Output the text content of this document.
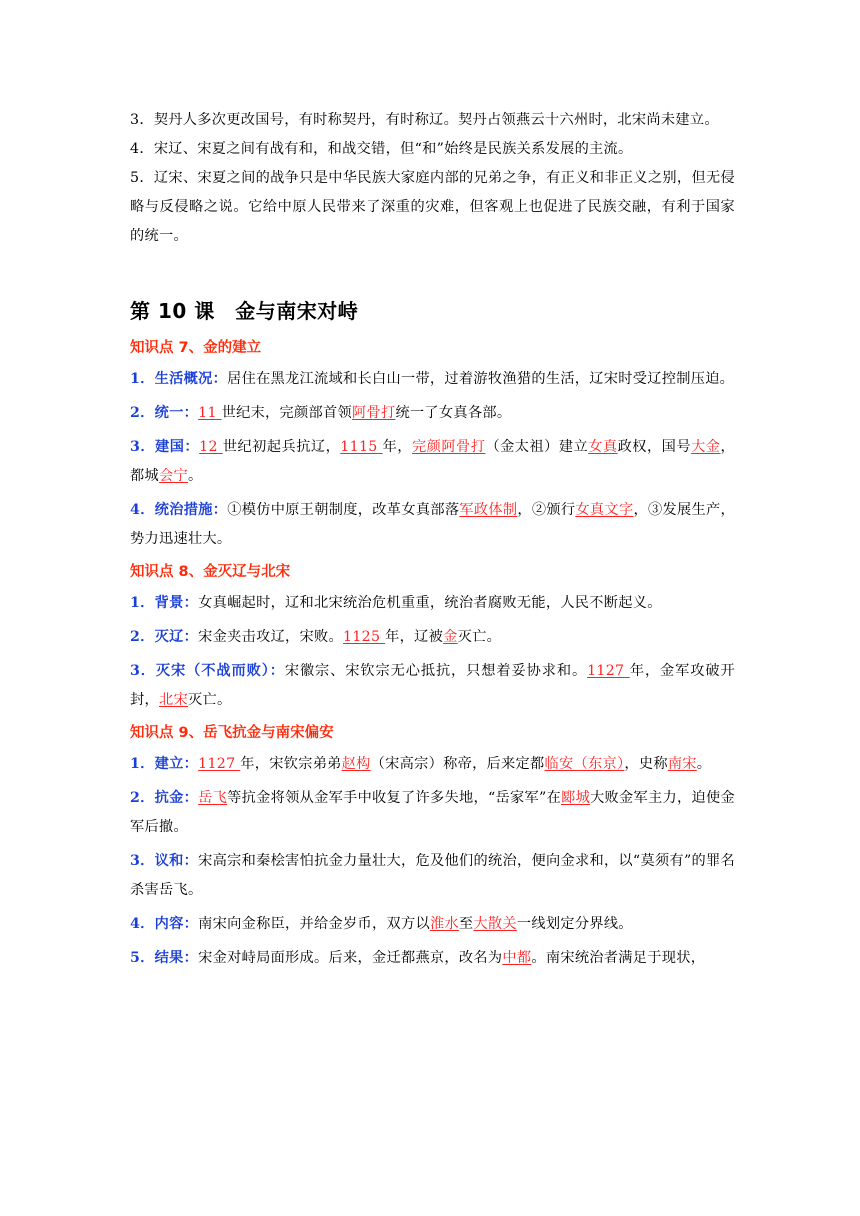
3．契丹人多次更改国号，有时称契丹，有时称辽。契丹占领燕云十六州时，北宋尚未建立。

4．宋辽、宋夏之间有战有和，和战交错，但“和”始终是民族关系发展的主流。

5．辽宋、宋夏之间的战争只是中华民族大家庭内部的兄弟之争，有正义和非正义之别，但无侵略与反侵略之说。它给中原人民带来了深重的灾难，但客观上也促进了民族交融，有利于国家的统一。

第 10 课　金与南宋对峙
知识点 7、金的建立

1．生活概况：居住在黑龙江流域和长白山一带，过着游牧渔猎的生活，辽宋时受辽控制压迫。

2．统一：11 世纪末，完颜部首领阿骨打统一了女真各部。

3．建国：12 世纪初起兵抗辽，1115 年，完颜阿骨打（金太祖）建立女真政权，国号大金，都城会宁。

4．统治措施：①模仿中原王朝制度，改革女真部落军政体制，②颁行女真文字，③发展生产，势力迅速壮大。

知识点 8、金灭辽与北宋

1．背景：女真崛起时，辽和北宋统治危机重重，统治者腐败无能，人民不断起义。

2．灭辽：宋金夹击攻辽，宋败。1125 年，辽被金灭亡。

3．灭宋（不战而败）：宋徽宗、宋钦宗无心抵抗，只想着妥协求和。1127 年，金军攻破开封，北宋灭亡。

知识点 9、岳飞抗金与南宋偏安

1．建立：1127 年，宋钦宗弟弟赵构（宋高宗）称帝，后来定都临安（东京），史称南宋。

2．抗金：岳飞等抗金将领从金军手中收复了许多失地，“岳家军”在郾城大败金军主力，迫使金军后撤。

3．议和：宋高宗和秦桧害怕抗金力量壮大，危及他们的统治，便向金求和，以“莫须有”的罪名杀害岳飞。

4．内容：南宋向金称臣，并给金岁币，双方以淮水至大散关一线划定分界线。

5．结果：宋金对峙局面形成。后来，金迁都燕京，改名为中都。南宋统治者满足于现状，
